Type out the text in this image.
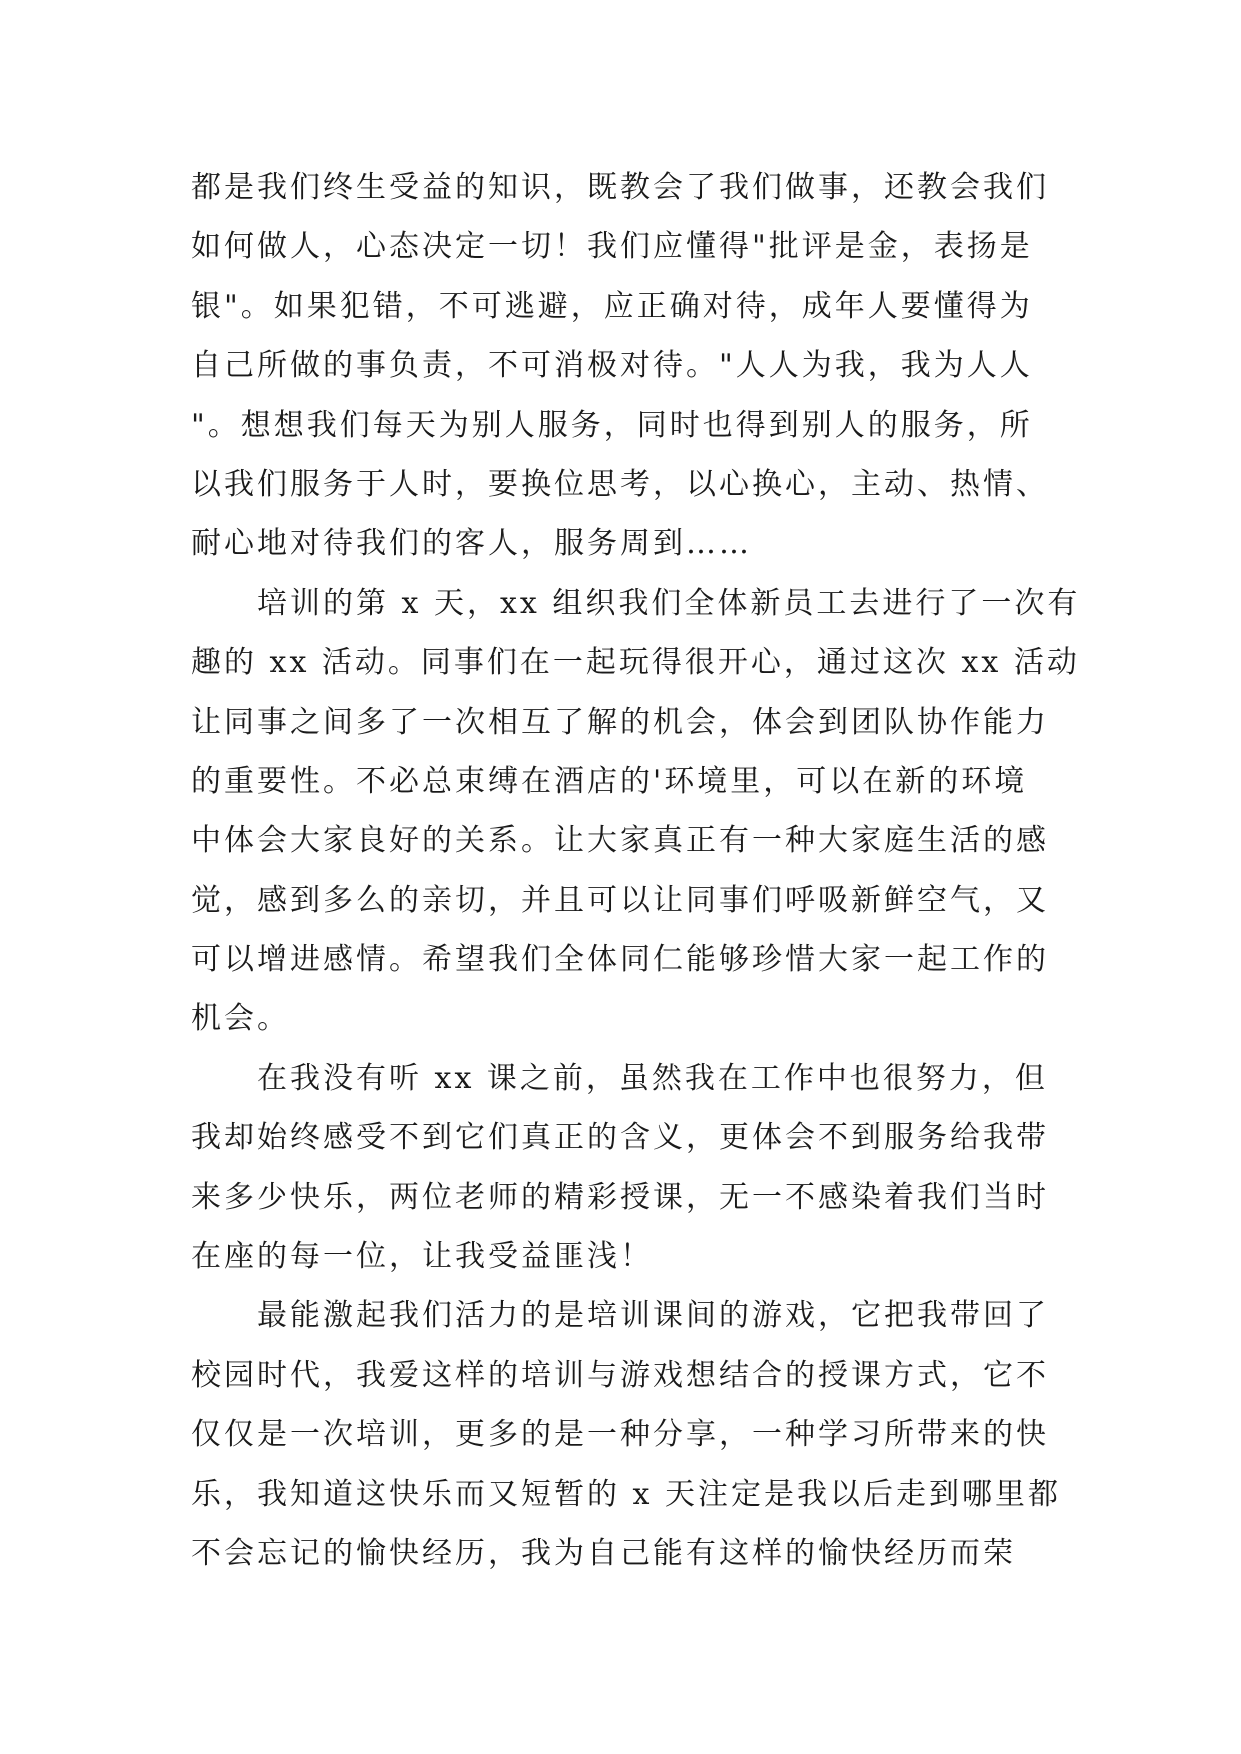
都是我们终生受益的知识，既教会了我们做事，还教会我们
如何做人，心态决定一切！我们应懂得"批评是金，表扬是
银"。如果犯错，不可逃避，应正确对待，成年人要懂得为
自己所做的事负责，不可消极对待。"人人为我，我为人人
"。想想我们每天为别人服务，同时也得到别人的服务，所
以我们服务于人时，要换位思考，以心换心，主动、热情、
耐心地对待我们的客人，服务周到……
培训的第 x 天，xx 组织我们全体新员工去进行了一次有
趣的 xx 活动。同事们在一起玩得很开心，通过这次 xx 活动
让同事之间多了一次相互了解的机会，体会到团队协作能力
的重要性。不必总束缚在酒店的'环境里，可以在新的环境
中体会大家良好的关系。让大家真正有一种大家庭生活的感
觉，感到多么的亲切，并且可以让同事们呼吸新鲜空气，又
可以增进感情。希望我们全体同仁能够珍惜大家一起工作的
机会。
在我没有听 xx 课之前，虽然我在工作中也很努力，但
我却始终感受不到它们真正的含义，更体会不到服务给我带
来多少快乐，两位老师的精彩授课，无一不感染着我们当时
在座的每一位，让我受益匪浅！
最能激起我们活力的是培训课间的游戏，它把我带回了
校园时代，我爱这样的培训与游戏想结合的授课方式，它不
仅仅是一次培训，更多的是一种分享，一种学习所带来的快
乐，我知道这快乐而又短暂的 x 天注定是我以后走到哪里都
不会忘记的愉快经历，我为自己能有这样的愉快经历而荣
